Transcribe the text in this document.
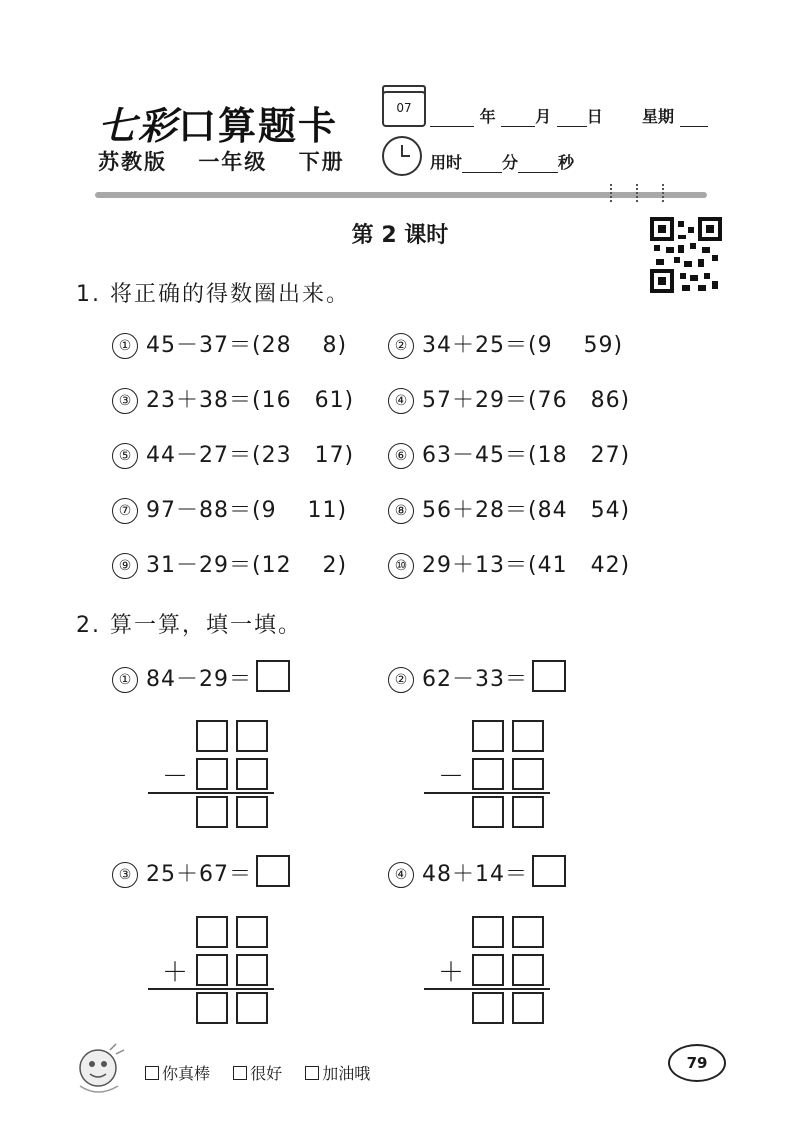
七彩口算题卡
苏教版 一年级 下册
07	年 月 日 星期
用时	分	秒
第 2 课时
1. 将正确的得数圈出来。
① 45－37＝(28　 8)	② 34＋25＝(9　 59)
③ 23＋38＝(16　61)	④ 57＋29＝(76　86)
⑤ 44－27＝(23　17)	⑥ 63－45＝(18　27)
⑦ 97－88＝(9　 11)	⑧ 56＋28＝(84　54)
⑨ 31－29＝(12　 2)	⑩ 29＋13＝(41　42)
2. 算一算，填一填。
① 84－29＝	② 62－33＝
－	－
③ 25＋67＝	④ 48＋14＝
＋	＋
你真棒	很好	加油哦
79
